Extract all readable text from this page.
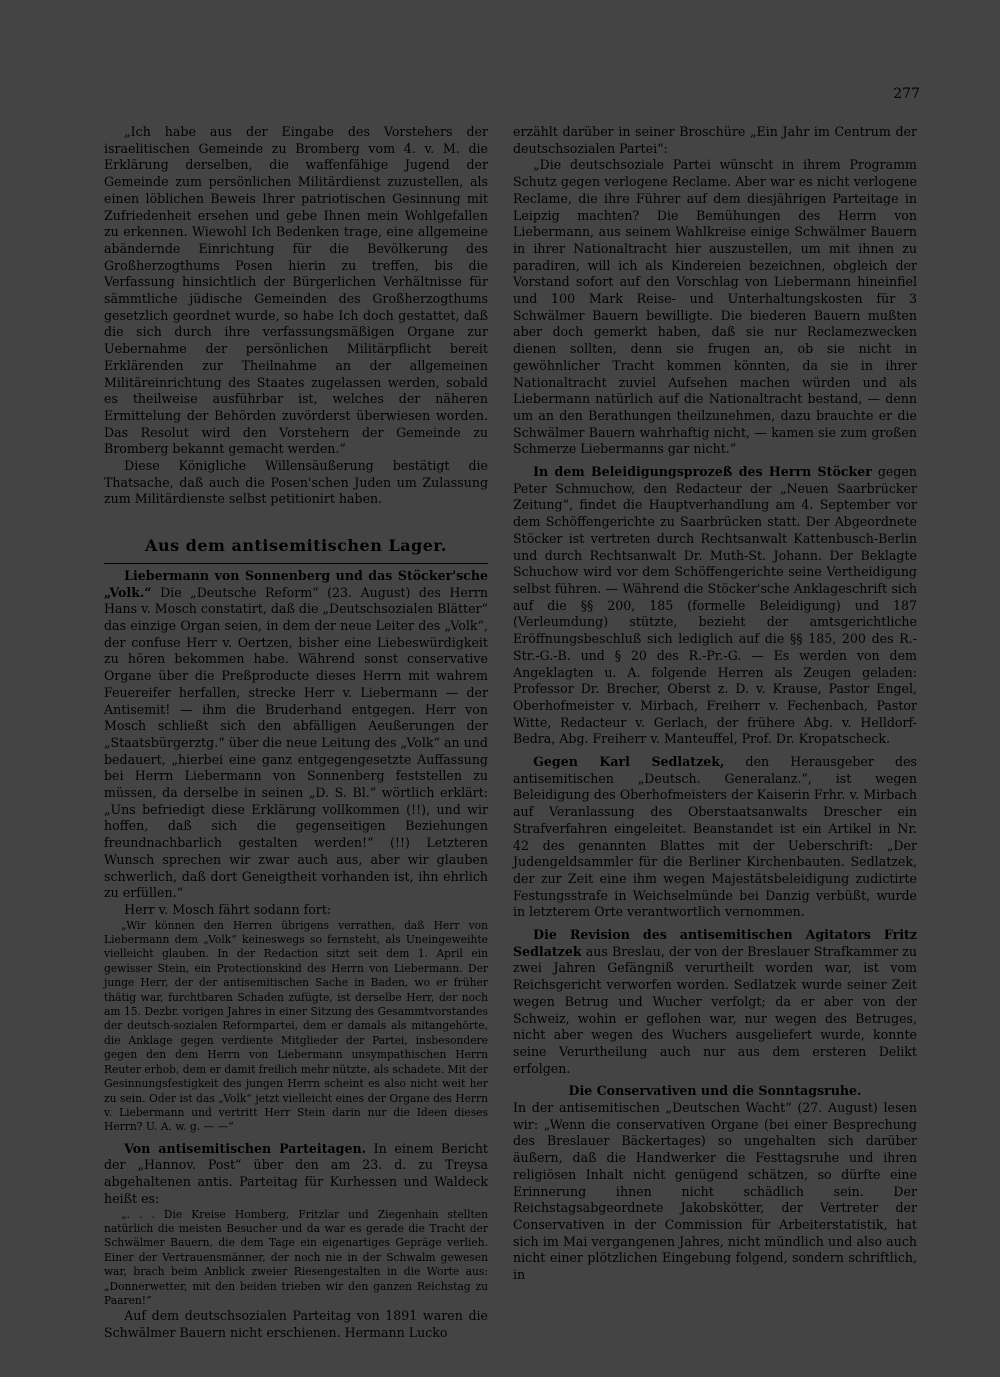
277

„Ich habe aus der Eingabe des Vorstehers der israelitischen Gemeinde zu Bromberg vom 4. v. M. die Erklärung derselben, die waffenfähige Jugend der Gemeinde zum persönlichen Militärdienst zuzustellen, als einen löblichen Beweis Ihrer patriotischen Gesinnung mit Zufriedenheit ersehen und gebe Ihnen mein Wohlgefallen zu erkennen. Wiewohl Ich Bedenken trage, eine allgemeine abändernde Einrichtung für die Bevölkerung des Großherzogthums Posen hierin zu treffen, bis die Verfassung hinsichtlich der Bürgerlichen Verhältnisse für sämmtliche jüdische Gemeinden des Großherzogthums gesetzlich geordnet wurde, so habe Ich doch gestattet, daß die sich durch ihre verfassungsmäßigen Organe zur Uebernahme der persönlichen Militärpflicht bereit Erklärenden zur Theilnahme an der allgemeinen Militäreinrichtung des Staates zugelassen werden, sobald es theilweise ausführbar ist, welches der näheren Ermittelung der Behörden zuvörderst überwiesen worden. Das Resolut wird den Vorstehern der Gemeinde zu Bromberg bekannt gemacht werden.“

Diese Königliche Willensäußerung bestätigt die Thatsache, daß auch die Posen'schen Juden um Zulassung zum Militärdienste selbst petitionirt haben.

Aus dem antisemitischen Lager.

Liebermann von Sonnenberg und das Stöcker'sche „Volk.“ Die „Deutsche Reform“ (23. August) des Herrn Hans v. Mosch constatirt, daß die „Deutschsozialen Blätter“ das einzige Organ seien, in dem der neue Leiter des „Volk“, der confuse Herr v. Oertzen, bisher eine Liebeswürdigkeit zu hören bekommen habe. Während sonst conservative Organe über die Preßproducte dieses Herrn mit wahrem Feuereifer herfallen, strecke Herr v. Liebermann — der Antisemit! — ihm die Bruderhand entgegen. Herr von Mosch schließt sich den abfälligen Aeußerungen der „Staatsbürgerztg.“ über die neue Leitung des „Volk“ an und bedauert, „hierbei eine ganz entgegengesetzte Auffassung bei Herrn Liebermann von Sonnenberg feststellen zu müssen, da derselbe in seinen „D. S. Bl.“ wörtlich erklärt: „Uns befriedigt diese Erklärung vollkommen (!!), und wir hoffen, daß sich die gegenseitigen Beziehungen freundnachbarlich gestalten werden!“ (!!) Letzteren Wunsch sprechen wir zwar auch aus, aber wir glauben schwerlich, daß dort Geneigtheit vorhanden ist, ihn ehrlich zu erfüllen.“

Herr v. Mosch fährt sodann fort:

„Wir können den Herren übrigens verrathen, daß Herr von Liebermann dem „Volk“ keineswegs so fernsteht, als Uneingeweihte vielleicht glauben. In der Redaction sitzt seit dem 1. April ein gewisser Stein, ein Protectionskind des Herrn von Liebermann. Der junge Herr, der der antisemitischen Sache in Baden, wo er früher thätig war, furchtbaren Schaden zufügte, ist derselbe Herr, der noch am 15. Dezbr. vorigen Jahres in einer Sitzung des Gesammtvorstandes der deutsch-sozialen Reformpartei, dem er damals als mitangehörte, die Anklage gegen verdiente Mitglieder der Partei, insbesondere gegen den dem Herrn von Liebermann unsympathischen Herrn Reuter erhob, dem er damit freilich mehr nützte, als schadete. Mit der Gesinnungsfestigkeit des jungen Herrn scheint es also nicht weit her zu sein. Oder ist das „Volk“ jetzt vielleicht eines der Organe des Herrn v. Liebermann und vertritt Herr Stein darin nur die Ideen dieses Herrn? U. A. w. g. — —“

Von antisemitischen Parteitagen. In einem Bericht der „Hannov. Post“ über den am 23. d. zu Treysa abgehaltenen antis. Parteitag für Kurhessen und Waldeck heißt es:

„. . . Die Kreise Homberg, Fritzlar und Ziegenhain stellten natürlich die meisten Besucher und da war es gerade die Tracht der Schwälmer Bauern, die dem Tage ein eigenartiges Gepräge verlieh. Einer der Vertrauensmänner, der noch nie in der Schwalm gewesen war, brach beim Anblick zweier Riesengestalten in die Worte aus: „Donnerwetter, mit den beiden trieben wir den ganzen Reichstag zu Paaren!“

Auf dem deutschsozialen Parteitag von 1891 waren die Schwälmer Bauern nicht erschienen. Hermann Lucko

erzählt darüber in seiner Broschüre „Ein Jahr im Centrum der deutschsozialen Partei“:

„Die deutschsoziale Partei wünscht in ihrem Programm Schutz gegen verlogene Reclame. Aber war es nicht verlogene Reclame, die ihre Führer auf dem diesjährigen Parteitage in Leipzig machten? Die Bemühungen des Herrn von Liebermann, aus seinem Wahlkreise einige Schwälmer Bauern in ihrer Nationaltracht hier auszustellen, um mit ihnen zu paradiren, will ich als Kindereien bezeichnen, obgleich der Vorstand sofort auf den Vorschlag von Liebermann hineinfiel und 100 Mark Reise- und Unterhaltungskosten für 3 Schwälmer Bauern bewilligte. Die biederen Bauern mußten aber doch gemerkt haben, daß sie nur Reclamezwecken dienen sollten, denn sie frugen an, ob sie nicht in gewöhnlicher Tracht kommen könnten, da sie in ihrer Nationaltracht zuviel Aufsehen machen würden und als Liebermann natürlich auf die Nationaltracht bestand, — denn um an den Berathungen theilzunehmen, dazu brauchte er die Schwälmer Bauern wahrhaftig nicht, — kamen sie zum großen Schmerze Liebermanns gar nicht.“

In dem Beleidigungsprozeß des Herrn Stöcker gegen Peter Schmuchow, den Redacteur der „Neuen Saarbrücker Zeitung“, findet die Hauptverhandlung am 4. September vor dem Schöffengerichte zu Saarbrücken statt. Der Abgeordnete Stöcker ist vertreten durch Rechtsanwalt Kattenbusch-Berlin und durch Rechtsanwalt Dr. Muth-St. Johann. Der Beklagte Schuchow wird vor dem Schöffengerichte seine Vertheidigung selbst führen. — Während die Stöcker'sche Anklageschrift sich auf die §§ 200, 185 (formelle Beleidigung) und 187 (Verleumdung) stützte, bezieht der amtsgerichtliche Eröffnungsbeschluß sich lediglich auf die §§ 185, 200 des R.-Str.-G.-B. und § 20 des R.-Pr.-G. — Es werden von dem Angeklagten u. A. folgende Herren als Zeugen geladen: Professor Dr. Brecher, Oberst z. D. v. Krause, Pastor Engel, Oberhofmeister v. Mirbach, Freiherr v. Fechenbach, Pastor Witte, Redacteur v. Gerlach, der frühere Abg. v. Helldorf-Bedra, Abg. Freiherr v. Manteuffel, Prof. Dr. Kropatscheck.

Gegen Karl Sedlatzek, den Herausgeber des antisemitischen „Deutsch. Generalanz.“, ist wegen Beleidigung des Oberhofmeisters der Kaiserin Frhr. v. Mirbach auf Veranlassung des Oberstaatsanwalts Drescher ein Strafverfahren eingeleitet. Beanstandet ist ein Artikel in Nr. 42 des genannten Blattes mit der Ueberschrift: „Der Judengeldsammler für die Berliner Kirchenbauten. Sedlatzek, der zur Zeit eine ihm wegen Majestätsbeleidigung zudictirte Festungsstrafe in Weichselmünde bei Danzig verbüßt, wurde in letzterem Orte verantwortlich vernommen.

Die Revision des antisemitischen Agitators Fritz Sedlatzek aus Breslau, der von der Breslauer Strafkammer zu zwei Jahren Gefängniß verurtheilt worden war, ist vom Reichsgericht verworfen worden. Sedlatzek wurde seiner Zeit wegen Betrug und Wucher verfolgt; da er aber von der Schweiz, wohin er geflohen war, nur wegen des Betruges, nicht aber wegen des Wuchers ausgeliefert wurde, konnte seine Verurtheilung auch nur aus dem ersteren Delikt erfolgen.

Die Conservativen und die Sonntagsruhe.

In der antisemitischen „Deutschen Wacht“ (27. August) lesen wir: „Wenn die conservativen Organe (bei einer Besprechung des Breslauer Bäckertages) so ungehalten sich darüber äußern, daß die Handwerker die Festtagsruhe und ihren religiösen Inhalt nicht genügend schätzen, so dürfte eine Erinnerung ihnen nicht schädlich sein. Der Reichstagsabgeordnete Jakobskötter, der Vertreter der Conservativen in der Commission für Arbeiterstatistik, hat sich im Mai vergangenen Jahres, nicht mündlich und also auch nicht einer plötzlichen Eingebung folgend, sondern schriftlich, in
